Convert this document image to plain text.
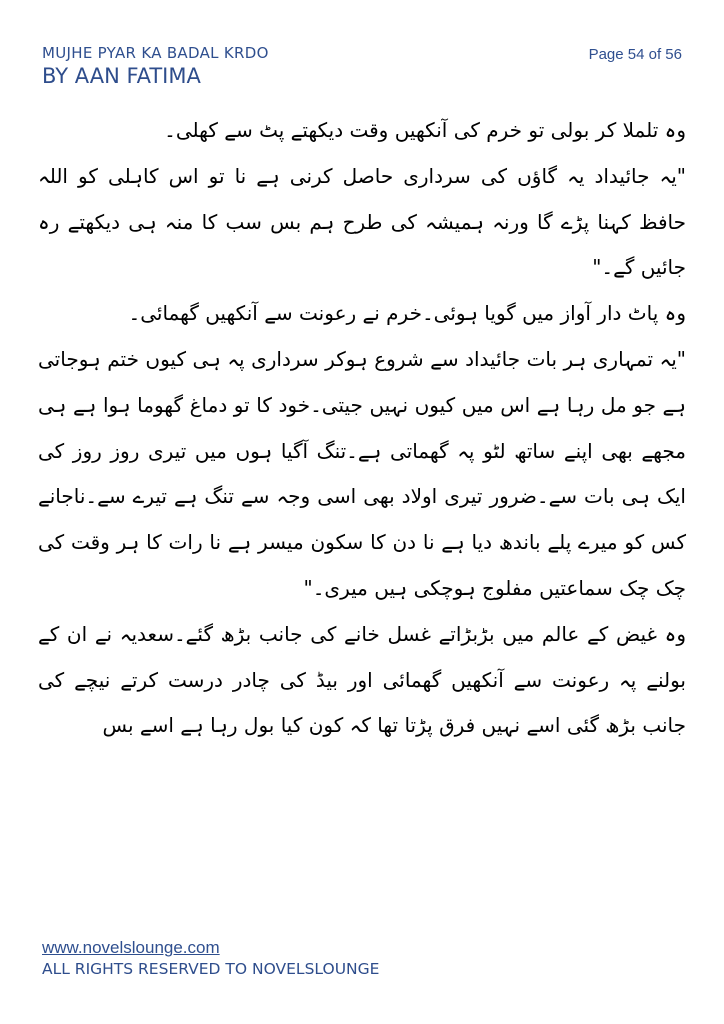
MUJHE PYAR KA BADAL KRDO
BY AAN FATIMA
Page 54 of 56

وہ تلملا کر بولی تو خرم کی آنکھیں وقت دیکھتے پٹ سے کھلی۔

"یہ جائیداد یہ گاؤں کی سرداری حاصل کرنی ہے نا تو اس کاہلی کو اللہ حافظ کہنا پڑے گا ورنہ ہمیشہ کی طرح ہم بس سب کا منہ ہی دیکھتے رہ جائیں گے۔"

وہ پاٹ دار آواز میں گویا ہوئی۔خرم نے رعونت سے آنکھیں گھمائی۔

"یہ تمہاری ہر بات جائیداد سے شروع ہوکر سرداری پہ ہی کیوں ختم ہوجاتی ہے جو مل رہا ہے اس میں کیوں نہیں جیتی۔خود کا تو دماغ گھوما ہوا ہے ہی مجھے بھی اپنے ساتھ لٹو پہ گھماتی ہے۔تنگ آگیا ہوں میں تیری روز روز کی ایک ہی بات سے۔ضرور تیری اولاد بھی اسی وجہ سے تنگ ہے تیرے سے۔ناجانے کس کو میرے پلے باندھ دیا ہے نا دن کا سکون میسر ہے نا رات کا ہر وقت کی چک چک سماعتیں مفلوج ہوچکی ہیں میری۔"

وہ غیض کے عالم میں بڑبڑاتے غسل خانے کی جانب بڑھ گئے۔سعدیہ نے ان کے بولنے پہ رعونت سے آنکھیں گھمائی اور بیڈ کی چادر درست کرتے نیچے کی جانب بڑھ گئی اسے نہیں فرق پڑتا تھا کہ کون کیا بول رہا ہے اسے بس

www.novelslounge.com
ALL RIGHTS RESERVED TO NOVELSLOUNGE
